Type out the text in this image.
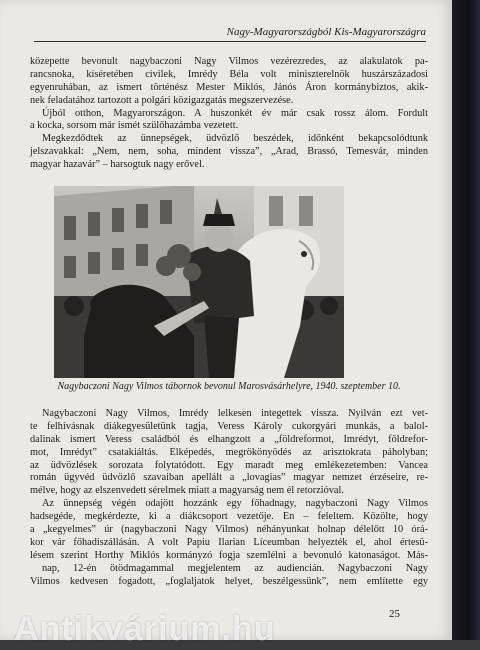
Nagy-Magyarországból Kis-Magyarországra
közepette bevonult nagybaczoni Nagy Vilmos vezérezredes, az alakulatok pa-
rancsnoka, kíséretében civilek, Imrédy Béla volt miniszterelnök huszárszázadosi
egyenruhában, az ismert történész Mester Miklós, Jánós Áron kormánybiztos, akik-
nek feladatához tartozott a polgári közigazgatás megszervezése.
Újból otthon, Magyarországon. A huszonkét év már csak rossz álom. Fordult
a kocka, sorsom már ismét szülőhazámba vezetett.
Megkezdődtek az ünnepségek, üdvözlő beszédek, időnként bekapcsolódtunk
jelszavakkal: „Nem, nem, soha, mindent vissza”, „Arad, Brassó, Temesvár, minden
magyar hazavár” – harsogtuk nagy erővel.
Nagybaczoni Nagy Vilmos tábornok bevonul Marosvásárhelyre, 1940. szeptember 10.
Nagybaczoni Nagy Vilmos, Imrédy lelkesen integettek vissza. Nyilván ezt vet-
te felhívásnak diákegyesületünk tagja, Veress Károly cukorgyári munkás, a balol-
dalinak ismert Veress családból és elhangzott a „földreformot, Imrédyt, földrefor-
mot, Imrédyt” csatakiáltás. Elképedés, megrökönyödés az arisztokrata páholyban;
az üdvözlések sorozata folytatódott. Egy maradt meg emlékezetemben: Vancea
román ügyvéd üdvözlő szavaiban apellált a „lovagias” magyar nemzet érzéseire, re-
mélve, hogy az elszenvedett sérelmek miatt a magyarság nem él retorzióval.
Az ünnepség végén odajött hozzánk egy főhadnagy, nagybaczoni Nagy Vilmos
hadsegéde, megkérdezte, ki a diákcsoport vezetője. En – feleltem. Közölte, hogy
a „kegyelmes” úr (nagybaczoni Nagy Vilmos) néhányunkat holnap délelőtt 10 órá-
kor vár főhadiszállásán. A volt Papiu Ilarian Líceumban helyezték el, ahol értesü-
lésem szerint Horthy Miklós kormányzó fogja szemlélni a bevonuló katonaságot. Más-
nap, 12-én ötödmagammal megjelentem az audiencián. Nagybaczoni Nagy
Vilmos kedvesen fogadott, „foglaljatok helyet, beszélgessünk”, nem említette egy
25
Antikvárium.hu
